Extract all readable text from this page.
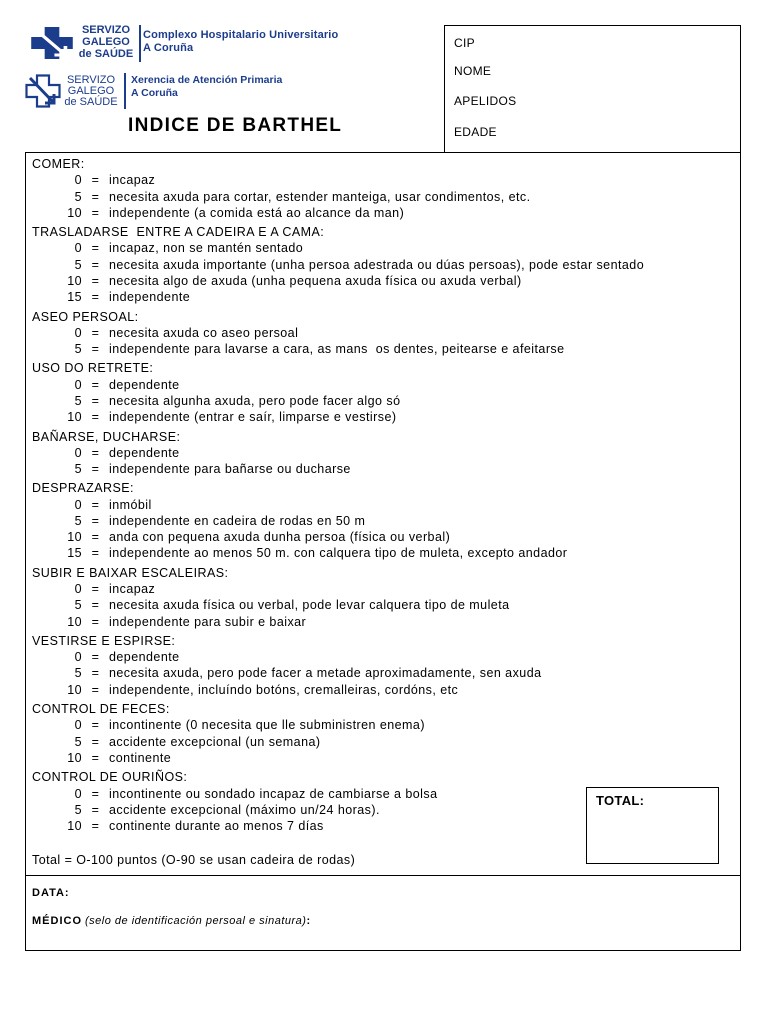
SERVIZO
GALEGO
de SAÚDE
Complexo Hospitalario Universitario
A Coruña
SERVIZO
GALEGO
de SAÚDE
Xerencia de Atención Primaria
A Coruña
INDICE DE BARTHEL
CIP
NOME
APELIDOS
EDADE
COMER:
0 = incapaz
5 = necesita axuda para cortar, estender manteiga, usar condimentos, etc.
10 = independente (a comida está ao alcance da man)
TRASLADARSE  ENTRE A CADEIRA E A CAMA:
0 = incapaz, non se mantén sentado
5 = necesita axuda importante (unha persoa adestrada ou dúas persoas), pode estar sentado
10 = necesita algo de axuda (unha pequena axuda física ou axuda verbal)
15 = independente
ASEO PERSOAL:
0 = necesita axuda co aseo persoal
5 = independente para lavarse a cara, as mans  os dentes, peitearse e afeitarse
USO DO RETRETE:
0 = dependente
5 = necesita algunha axuda, pero pode facer algo só
10 = independente (entrar e saír, limparse e vestirse)
BAÑARSE, DUCHARSE:
0 = dependente
5 = independente para bañarse ou ducharse
DESPRAZARSE:
0 = inmóbil
5 = independente en cadeira de rodas en 50 m
10 = anda con pequena axuda dunha persoa (física ou verbal)
15 = independente ao menos 50 m. con calquera tipo de muleta, excepto andador
SUBIR E BAIXAR ESCALEIRAS:
0 = incapaz
5 = necesita axuda física ou verbal, pode levar calquera tipo de muleta
10 = independente para subir e baixar
VESTIRSE E ESPIRSE:
0 = dependente
5 = necesita axuda, pero pode facer a metade aproximadamente, sen axuda
10 = independente, incluíndo botóns, cremalleiras, cordóns, etc
CONTROL DE FECES:
0 = incontinente (0 necesita que lle subministren enema)
5 = accidente excepcional (un semana)
10 = continente
CONTROL DE OURIÑOS:
0 = incontinente ou sondado incapaz de cambiarse a bolsa
5 = accidente excepcional (máximo un/24 horas).
10 = continente durante ao menos 7 días
Total = O-100 puntos (O-90 se usan cadeira de rodas)
TOTAL:
DATA:
MÉDICO (selo de identificación persoal e sinatura):
